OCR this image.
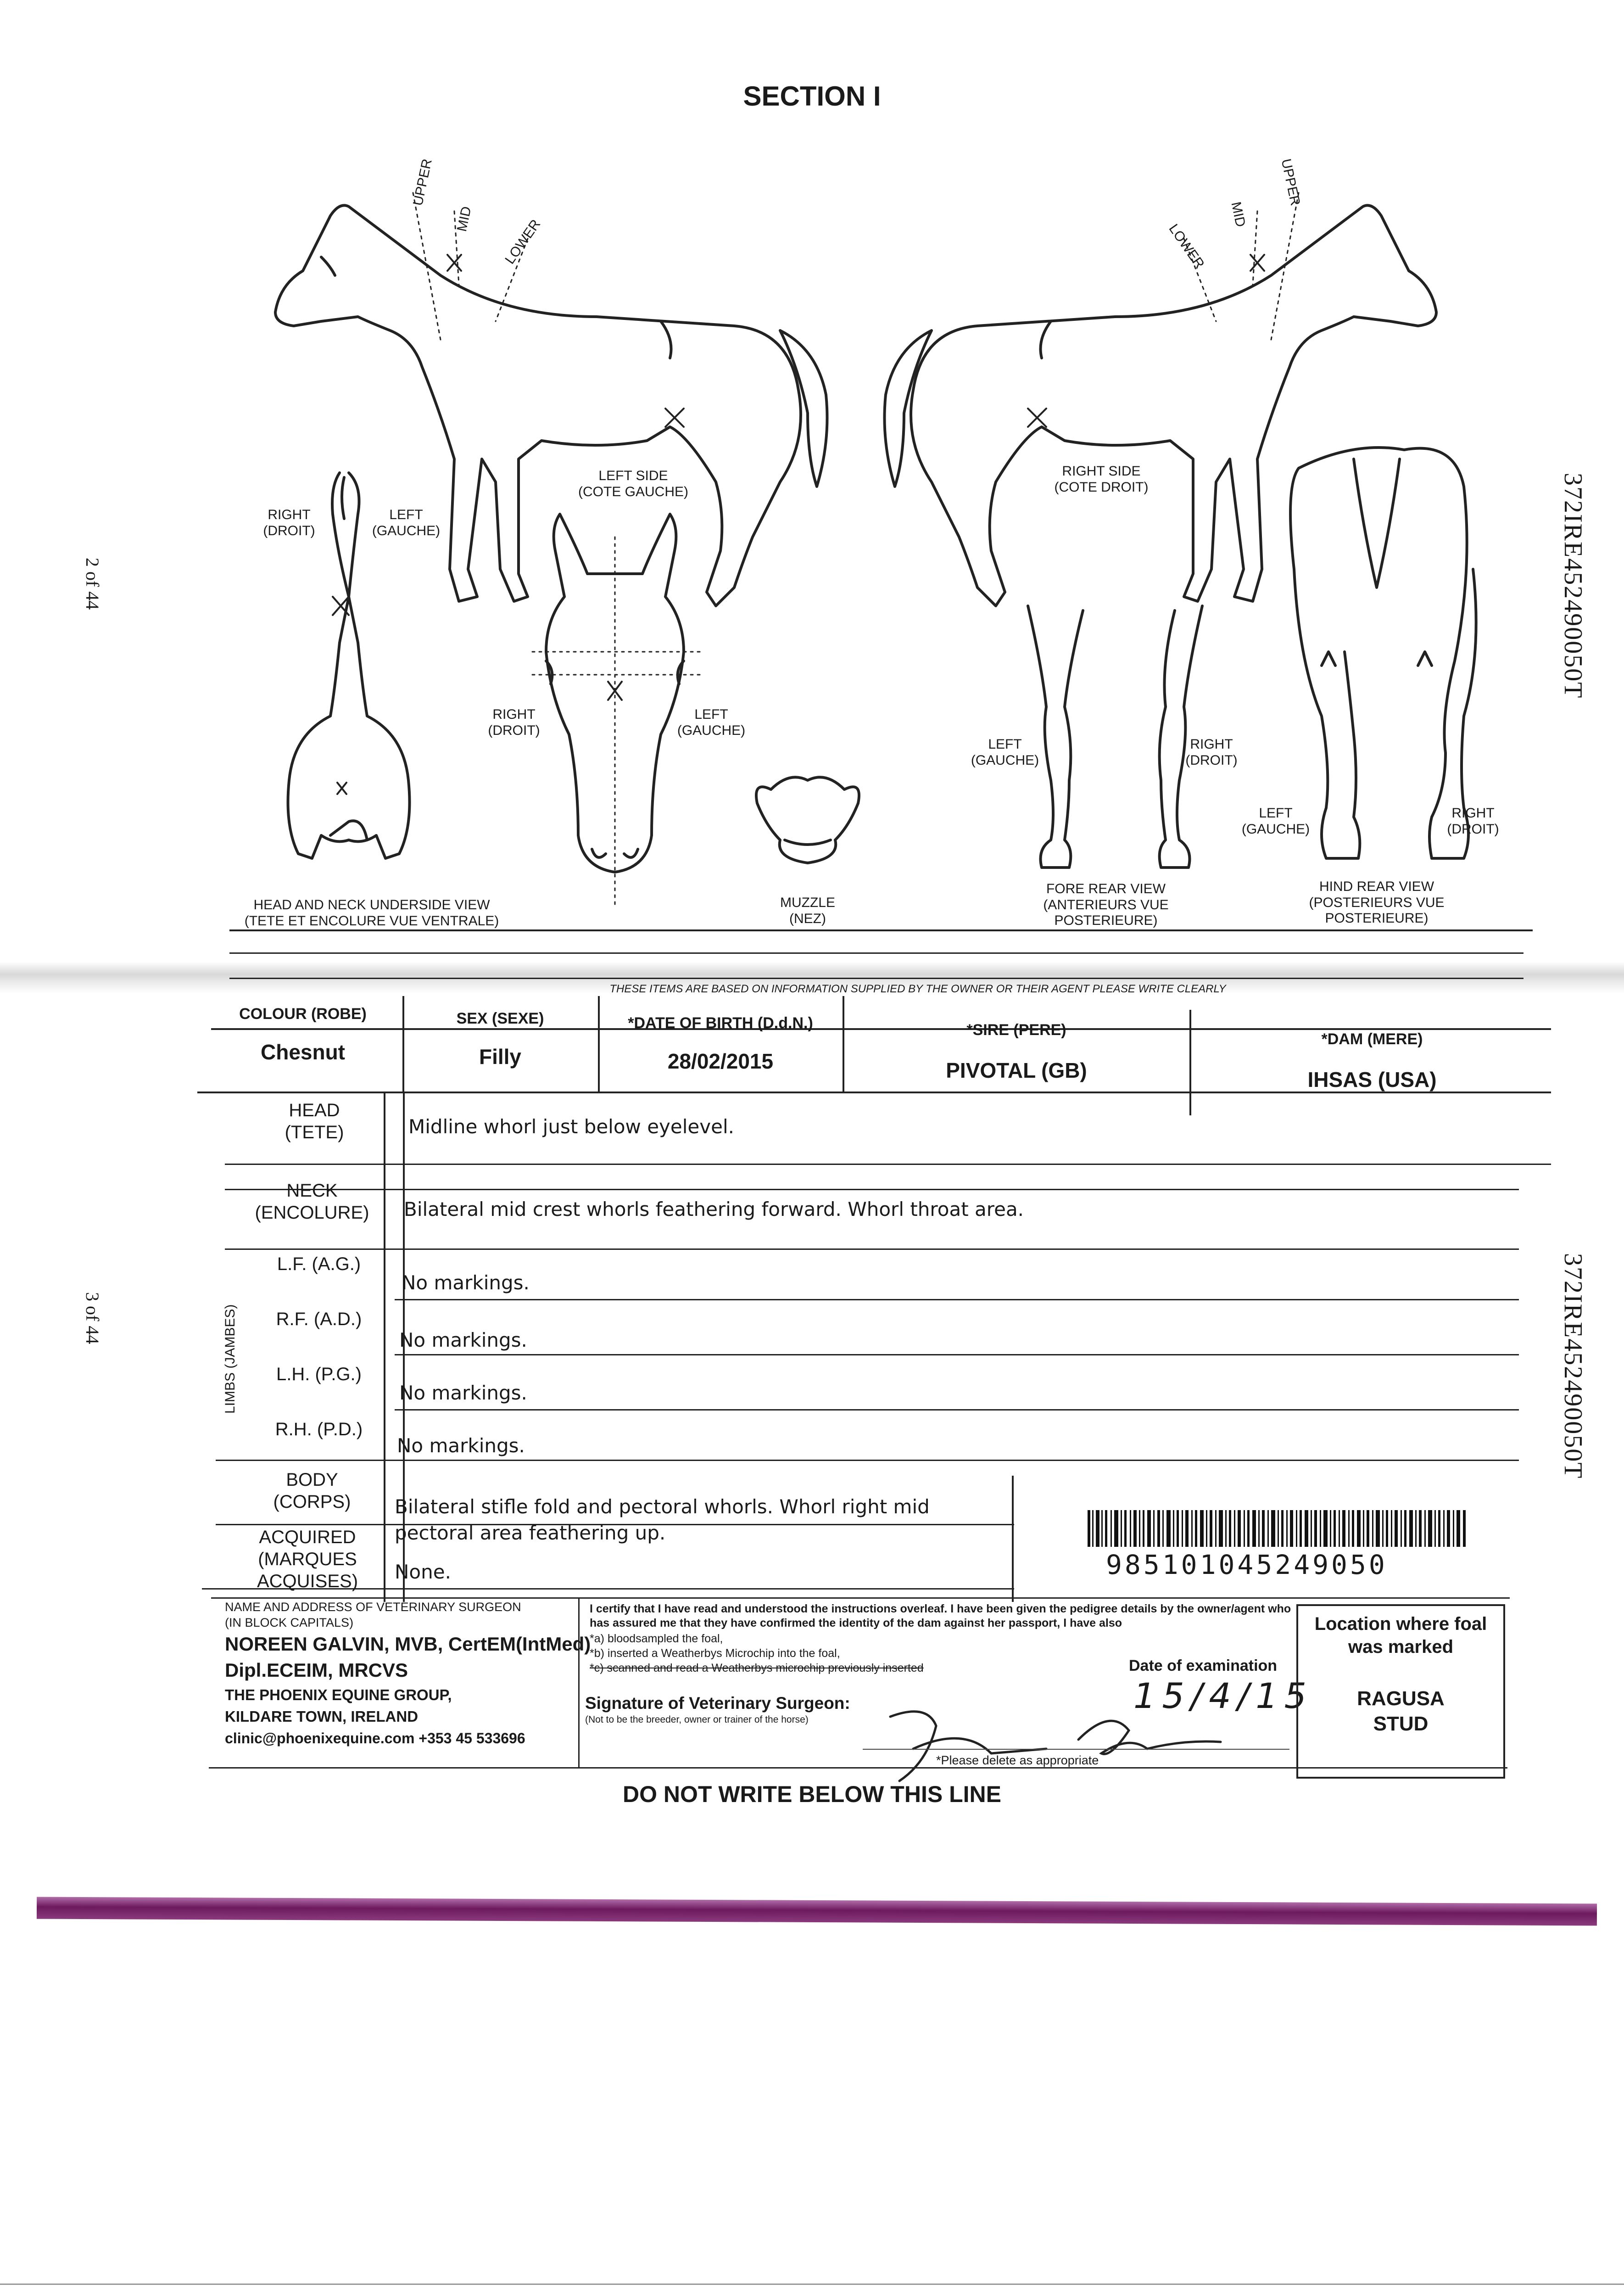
SECTION I
372IRE452490050T
372IRE452490050T
2 of 44
3 of 44
UPPER
MID LOWER
UPPER
MID
LOWER
LEFT SIDE
(COTE GAUCHE)
RIGHT SIDE
(COTE DROIT)
RIGHT
(DROIT)
LEFT
(GAUCHE)
RIGHT
(DROIT)
LEFT
(GAUCHE)
LEFT
(GAUCHE)
RIGHT
(DROIT)
LEFT
(GAUCHE)
RIGHT
(DROIT)
HEAD AND NECK UNDERSIDE VIEW
(TETE ET ENCOLURE VUE VENTRALE)
MUZZLE
(NEZ)
FORE REAR VIEW
(ANTERIEURS VUE
POSTERIEURE)
HIND REAR VIEW
(POSTERIEURS VUE
POSTERIEURE)
THESE ITEMS ARE BASED ON INFORMATION SUPPLIED BY THE OWNER OR THEIR AGENT PLEASE WRITE CLEARLY
COLOUR (ROBE)
Chesnut
SEX (SEXE)
Filly
*DATE OF BIRTH (D.d.N.)
28/02/2015
*SIRE (PERE)
PIVOTAL (GB)
*DAM (MERE)
IHSAS (USA)
LIMBS (JAMBES)
HEAD
(TETE)	Midline whorl just below eyelevel.
NECK
(ENCOLURE)	Bilateral mid crest whorls feathering forward. Whorl throat area.
L.F. (A.G.)
No markings.
R.F. (A.D.)
No markings.
L.H. (P.G.)
No markings.
R.H. (P.D.)
No markings.
BODY
(CORPS)	Bilateral stifle fold and pectoral whorls. Whorl right mid pectoral area feathering up.
ACQUIRED
(MARQUES
ACQUISES)	None.	985101045249050
NAME AND ADDRESS OF VETERINARY SURGEON
(IN BLOCK CAPITALS)
NOREEN GALVIN, MVB, CertEM(IntMed)
Dipl.ECEIM, MRCVS
THE PHOENIX EQUINE GROUP,
KILDARE TOWN, IRELAND
clinic@phoenixequine.com +353 45 533696
I certify that I have read and understood the instructions overleaf. I have been given the pedigree details by the owner/agent who has assured me that they have confirmed the identity of the dam against her passport, I have also
*a) bloodsampled the foal,
*b) inserted a Weatherbys Microchip into the foal,
*c) scanned and read a Weatherbys microchip previously inserted
Signature of Veterinary Surgeon:
(Not to be the breeder, owner or trainer of the horse)
Date of examination
15/4/15
*Please delete as appropriate
Location where foal was marked
RAGUSA
STUD
DO NOT WRITE BELOW THIS LINE
